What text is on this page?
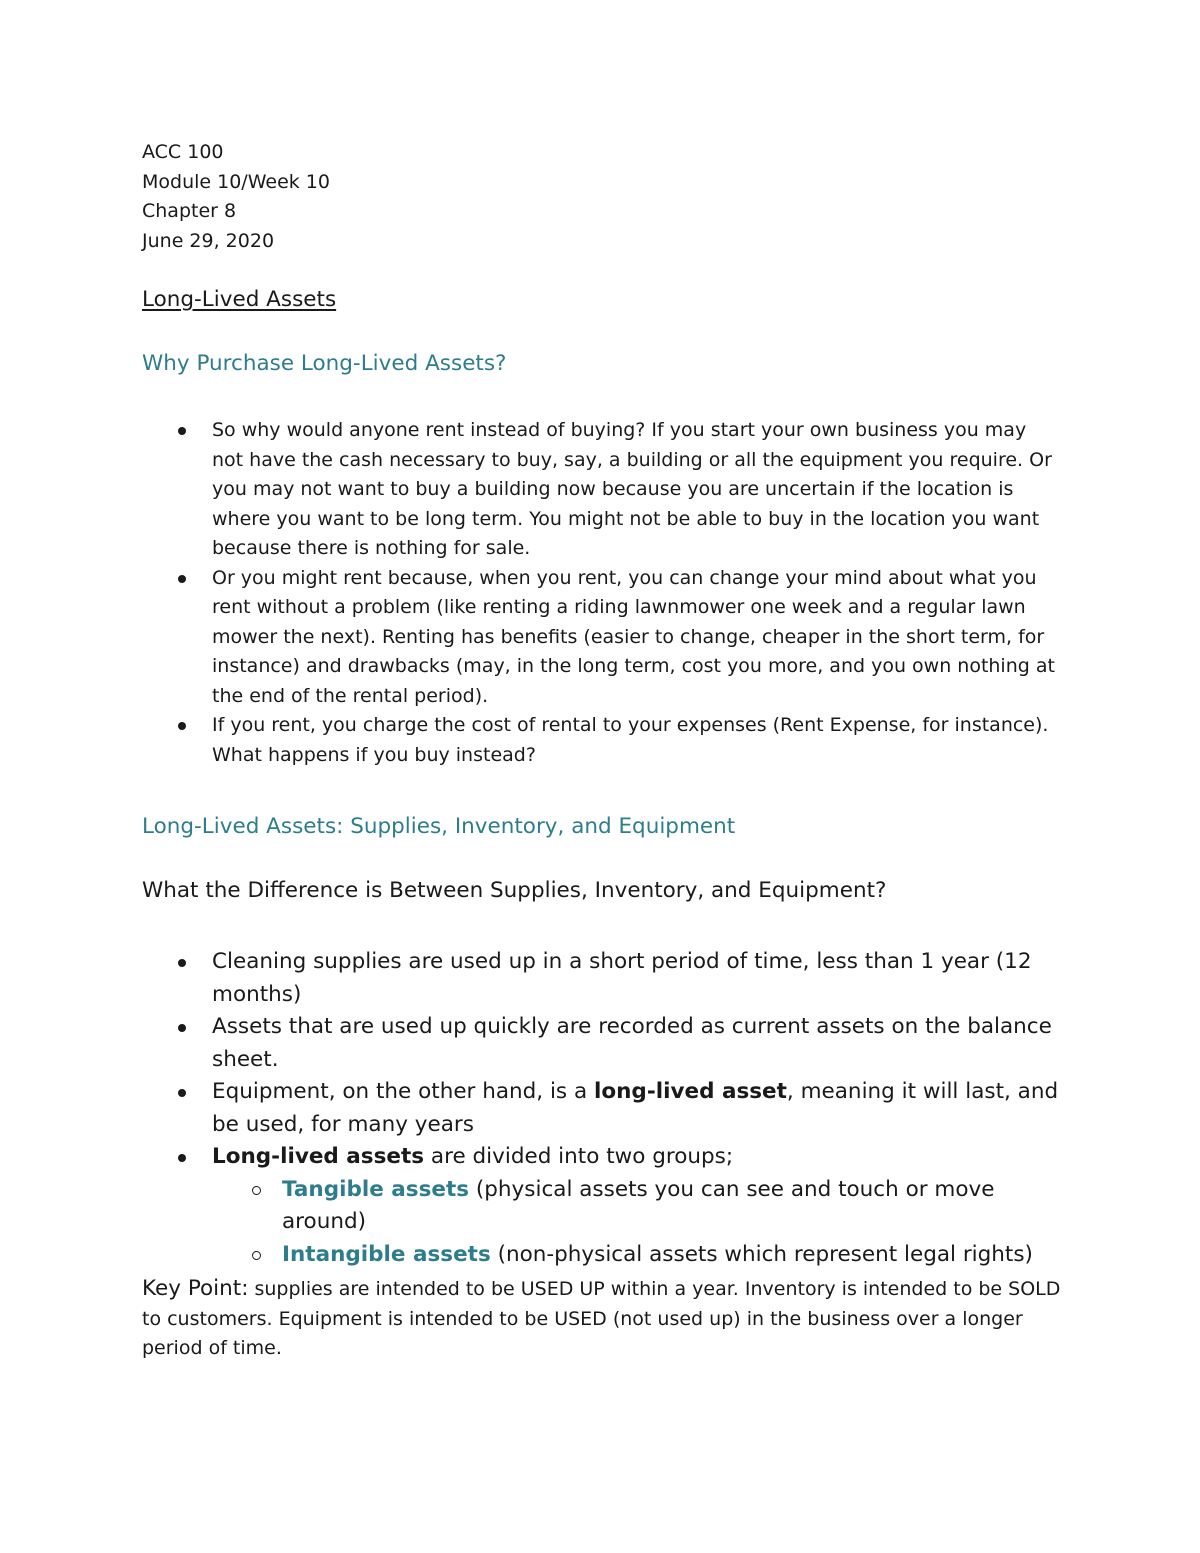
ACC 100

Module 10/Week 10

Chapter 8

June 29, 2020

Long-Lived Assets
Why Purchase Long-Lived Assets?
So why would anyone rent instead of buying? If you start your own business you may not have the cash necessary to buy, say, a building or all the equipment you require. Or you may not want to buy a building now because you are uncertain if the location is where you want to be long term. You might not be able to buy in the location you want because there is nothing for sale.
Or you might rent because, when you rent, you can change your mind about what you rent without a problem (like renting a riding lawnmower one week and a regular lawn mower the next). Renting has benefits (easier to change, cheaper in the short term, for instance) and drawbacks (may, in the long term, cost you more, and you own nothing at the end of the rental period).
If you rent, you charge the cost of rental to your expenses (Rent Expense, for instance). What happens if you buy instead?
Long-Lived Assets: Supplies, Inventory, and Equipment
What the Difference is Between Supplies, Inventory, and Equipment?
Cleaning supplies are used up in a short period of time, less than 1 year (12 months)
Assets that are used up quickly are recorded as current assets on the balance sheet.
Equipment, on the other hand, is a long-lived asset, meaning it will last, and be used, for many years
Long-lived assets are divided into two groups;
Tangible assets (physical assets you can see and touch or move around)
Intangible assets (non-physical assets which represent legal rights)

Key Point: supplies are intended to be USED UP within a year. Inventory is intended to be SOLD to customers. Equipment is intended to be USED (not used up) in the business over a longer period of time.
